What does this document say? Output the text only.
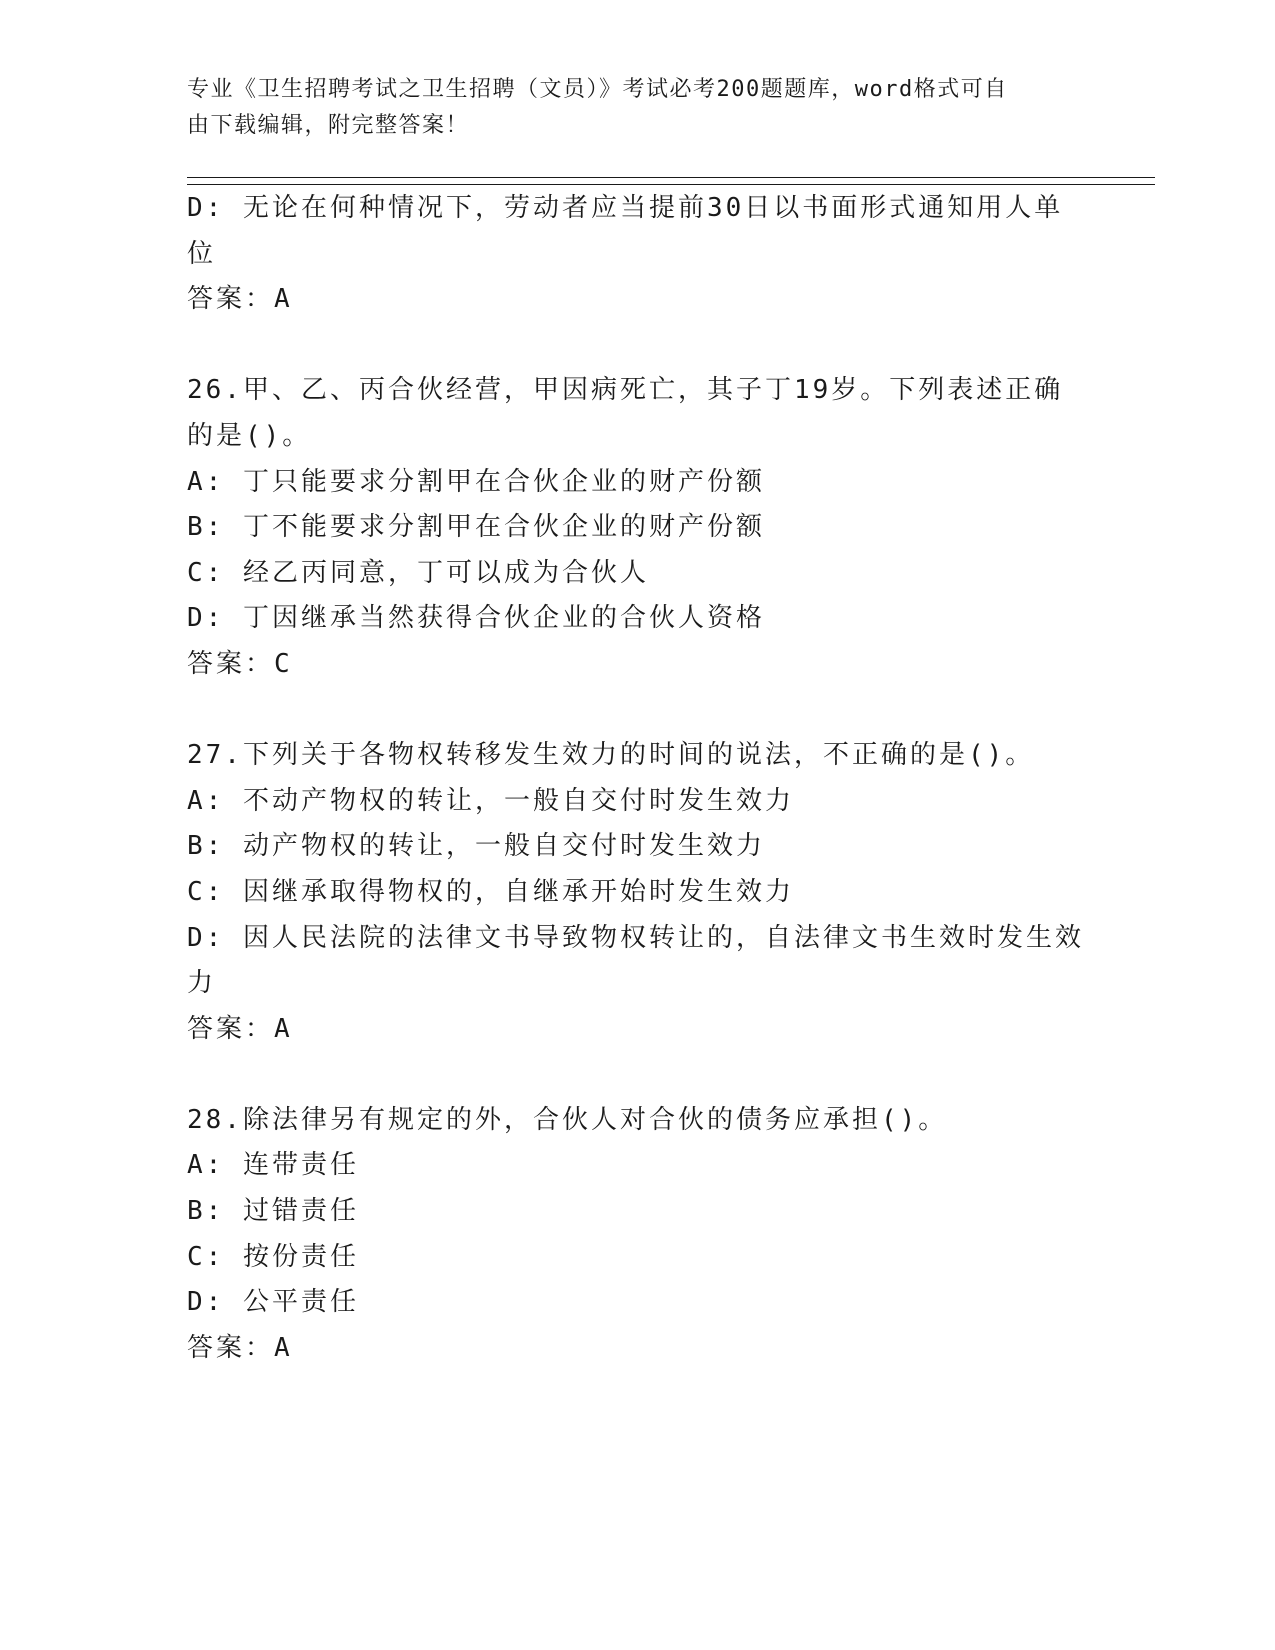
专业《卫生招聘考试之卫生招聘（文员）》考试必考200题题库，word格式可自
由下载编辑，附完整答案！
D: 无论在何种情况下，劳动者应当提前30日以书面形式通知用人单
位
答案：A
26.甲、乙、丙合伙经营，甲因病死亡，其子丁19岁。下列表述正确
的是()。
A: 丁只能要求分割甲在合伙企业的财产份额
B: 丁不能要求分割甲在合伙企业的财产份额
C: 经乙丙同意，丁可以成为合伙人
D: 丁因继承当然获得合伙企业的合伙人资格
答案：C
27.下列关于各物权转移发生效力的时间的说法，不正确的是()。
A: 不动产物权的转让，一般自交付时发生效力
B: 动产物权的转让，一般自交付时发生效力
C: 因继承取得物权的，自继承开始时发生效力
D: 因人民法院的法律文书导致物权转让的，自法律文书生效时发生效
力
答案：A
28.除法律另有规定的外，合伙人对合伙的债务应承担()。
A: 连带责任
B: 过错责任
C: 按份责任
D: 公平责任
答案：A
